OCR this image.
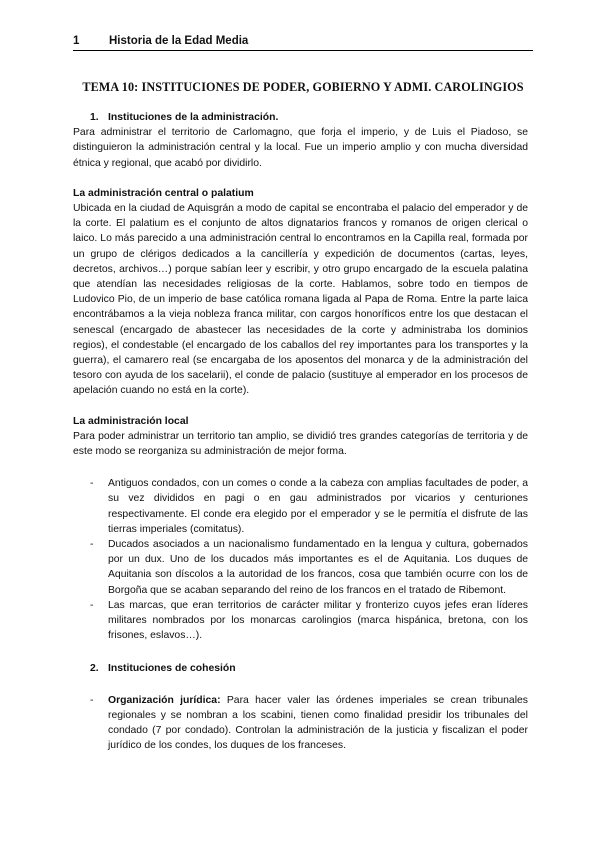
1	Historia de la Edad Media
TEMA 10: INSTITUCIONES DE PODER, GOBIERNO Y ADMI. CAROLINGIOS

1. Instituciones de la administración.

Para administrar el territorio de Carlomagno, que forja el imperio, y de Luis el Piadoso, se distinguieron la administración central y la local. Fue un imperio amplio y con mucha diversidad étnica y regional, que acabó por dividirlo.

La administración central o palatium

Ubicada en la ciudad de Aquisgrán a modo de capital se encontraba el palacio del emperador y de la corte. El palatium es el conjunto de altos dignatarios francos y romanos de origen clerical o laico. Lo más parecido a una administración central lo encontramos en la Capilla real, formada por un grupo de clérigos dedicados a la cancillería y expedición de documentos (cartas, leyes, decretos, archivos…) porque sabían leer y escribir, y otro grupo encargado de la escuela palatina que atendían las necesidades religiosas de la corte. Hablamos, sobre todo en tiempos de Ludovico Pio, de un imperio de base católica romana ligada al Papa de Roma. Entre la parte laica encontrábamos a la vieja nobleza franca militar, con cargos honoríficos entre los que destacan el senescal (encargado de abastecer las necesidades de la corte y administraba los dominios regios), el condestable (el encargado de los caballos del rey importantes para los transportes y la guerra), el camarero real (se encargaba de los aposentos del monarca y de la administración del tesoro con ayuda de los sacelarii), el conde de palacio (sustituye al emperador en los procesos de apelación cuando no está en la corte).

La administración local

Para poder administrar un territorio tan amplio, se dividió tres grandes categorías de territoria y de este modo se reorganiza su administración de mejor forma.

- Antiguos condados, con un comes o conde a la cabeza con amplias facultades de poder, a su vez divididos en pagi o en gau administrados por vicarios y centuriones respectivamente. El conde era elegido por el emperador y se le permitía el disfrute de las tierras imperiales (comitatus).
- Ducados asociados a un nacionalismo fundamentado en la lengua y cultura, gobernados por un dux. Uno de los ducados más importantes es el de Aquitania. Los duques de Aquitania son díscolos a la autoridad de los francos, cosa que también ocurre con los de Borgoña que se acaban separando del reino de los francos en el tratado de Ribemont.
- Las marcas, que eran territorios de carácter militar y fronterizo cuyos jefes eran líderes militares nombrados por los monarcas carolingios (marca hispánica, bretona, con los frisones, eslavos…).

2. Instituciones de cohesión

- Organización jurídica: Para hacer valer las órdenes imperiales se crean tribunales regionales y se nombran a los scabini, tienen como finalidad presidir los tribunales del condado (7 por condado). Controlan la administración de la justicia y fiscalizan el poder jurídico de los condes, los duques de los franceses.
